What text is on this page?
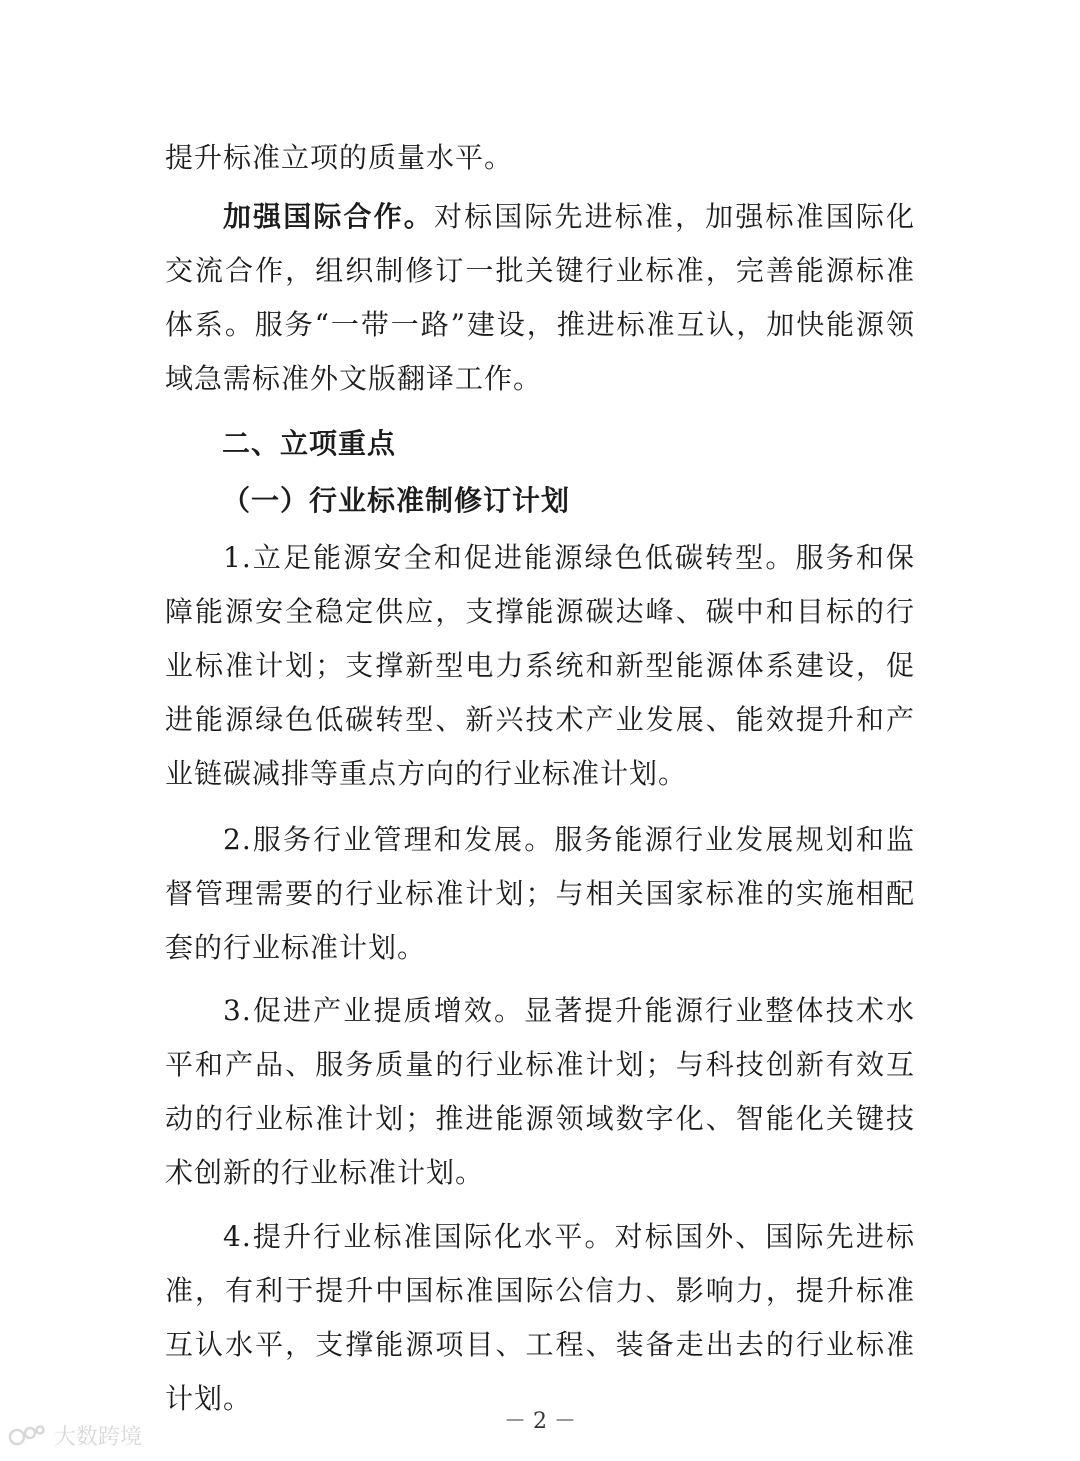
提升标准立项的质量水平。

加强国际合作。对标国际先进标准，加强标准国际化交流合作，组织制修订一批关键行业标准，完善能源标准体系。服务“一带一路”建设，推进标准互认，加快能源领域急需标准外文版翻译工作。

二、立项重点
（一）行业标准制修订计划

1.立足能源安全和促进能源绿色低碳转型。服务和保障能源安全稳定供应，支撑能源碳达峰、碳中和目标的行业标准计划；支撑新型电力系统和新型能源体系建设，促进能源绿色低碳转型、新兴技术产业发展、能效提升和产业链碳减排等重点方向的行业标准计划。

2.服务行业管理和发展。服务能源行业发展规划和监督管理需要的行业标准计划；与相关国家标准的实施相配套的行业标准计划。

3.促进产业提质增效。显著提升能源行业整体技术水平和产品、服务质量的行业标准计划；与科技创新有效互动的行业标准计划；推进能源领域数字化、智能化关键技术创新的行业标准计划。

4.提升行业标准国际化水平。对标国外、国际先进标准，有利于提升中国标准国际公信力、影响力，提升标准互认水平，支撑能源项目、工程、装备走出去的行业标准计划。

－ 2 －
大数跨境
